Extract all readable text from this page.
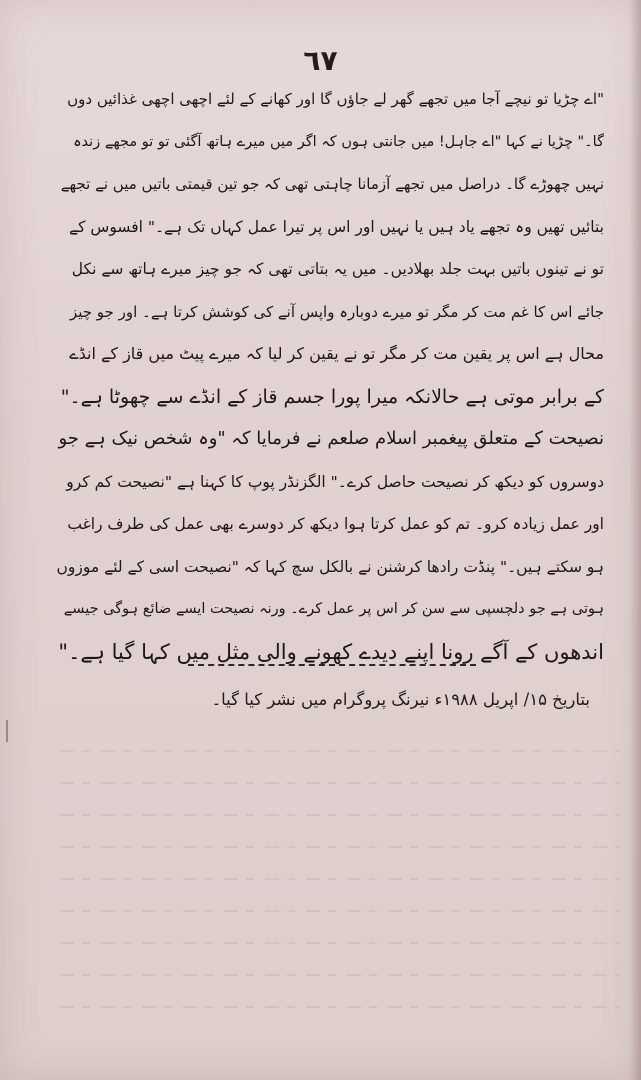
٦٧
"اے چڑیا تو نیچے آجا میں تجھے گھر لے جاؤں گا اور کھانے کے لئے اچھی اچھی غذائیں دوں
گا۔" چڑیا نے کہا "اے جاہل! میں جانتی ہوں کہ اگر میں میرے ہاتھ آگئی تو تو مجھے زندہ
نہیں چھوڑے گا۔ دراصل میں تجھے آزمانا چاہتی تھی کہ جو تین قیمتی باتیں میں نے تجھے
بتائیں تھیں وہ تجھے یاد ہیں یا نہیں اور اس پر تیرا عمل کہاں تک ہے۔" افسوس کے
تو نے تینوں باتیں بہت جلد بھلادیں۔ میں یہ بتاتی تھی کہ جو چیز میرے ہاتھ سے نکل
جائے اس کا غم مت کر مگر تو میرے دوبارہ واپس آنے کی کوشش کرتا ہے۔ اور جو چیز
محال ہے اس پر یقین مت کر مگر تو نے یقین کر لیا کہ میرے پیٹ میں قاز کے انڈے
کے برابر موتی ہے حالانکہ میرا پورا جسم قاز کے انڈے سے چھوٹا ہے۔"
نصیحت کے متعلق پیغمبر اسلام صلعم نے فرمایا کہ "وہ شخص نیک ہے جو
دوسروں کو دیکھ کر نصیحت حاصل کرے۔" الگزنڈر پوپ کا کہنا ہے "نصیحت کم کرو
اور عمل زیادہ کرو۔ تم کو عمل کرتا ہوا دیکھ کر دوسرے بھی عمل کی طرف راغب
ہو سکتے ہیں۔" پنڈت رادھا کرشنن نے بالکل سچ کہا کہ "نصیحت اسی کے لئے موزوں
ہوتی ہے جو دلچسپی سے سن کر اس پر عمل کرے۔ ورنہ نصیحت ایسے ضائع ہوگی جیسے
اندھوں کے آگے رونا اپنے دیدے کھونے والی مثل میں کہا گیا ہے۔"
بتاریخ ۱۵/ اپریل ۱۹۸۸ء نیرنگ پروگرام میں نشر کیا گیا۔
